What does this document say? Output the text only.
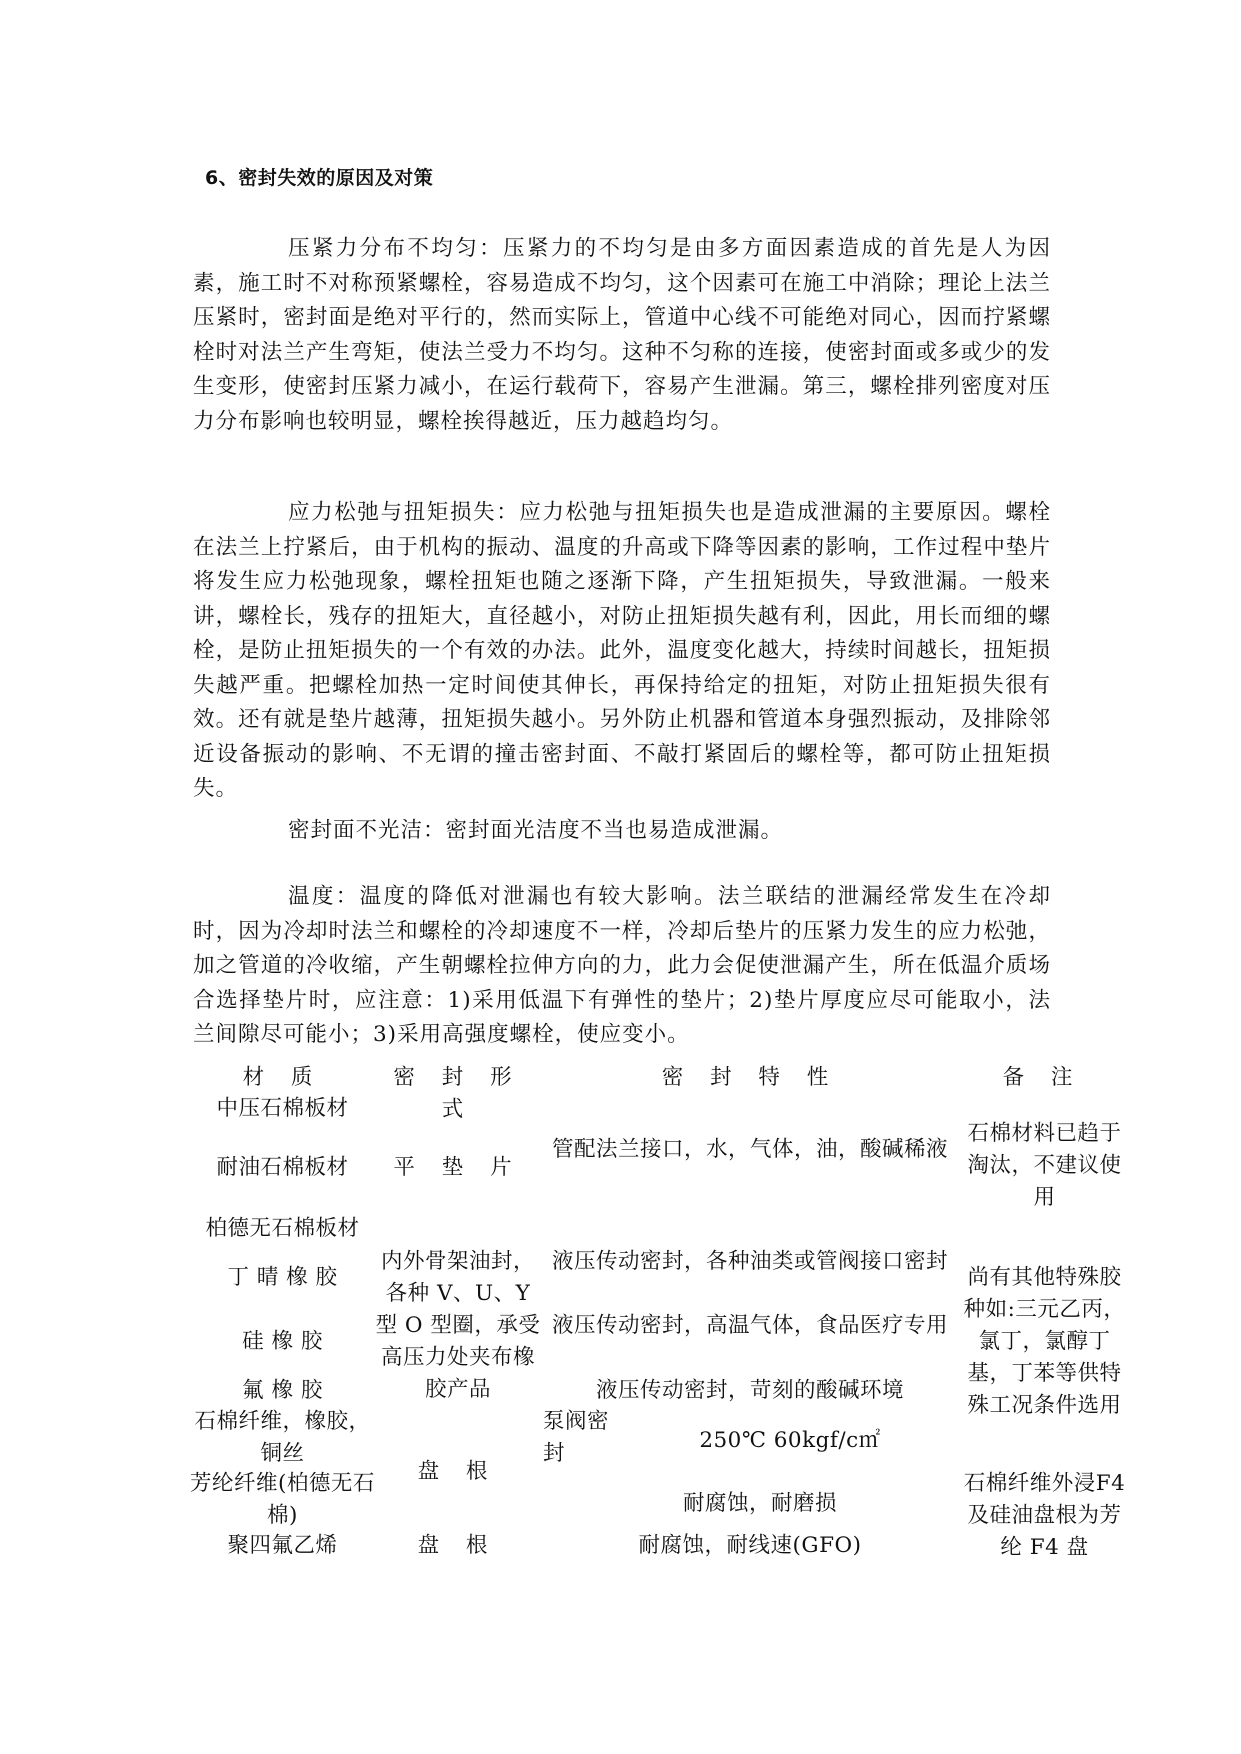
6、密封失效的原因及对策

压紧力分布不均匀：压紧力的不均匀是由多方面因素造成的首先是人为因素，施工时不对称预紧螺栓，容易造成不均匀，这个因素可在施工中消除；理论上法兰压紧时，密封面是绝对平行的，然而实际上，管道中心线不可能绝对同心，因而拧紧螺栓时对法兰产生弯矩，使法兰受力不均匀。这种不匀称的连接，使密封面或多或少的发生变形，使密封压紧力减小，在运行载荷下，容易产生泄漏。第三，螺栓排列密度对压力分布影响也较明显，螺栓挨得越近，压力越趋均匀。

应力松弛与扭矩损失：应力松弛与扭矩损失也是造成泄漏的主要原因。螺栓在法兰上拧紧后，由于机构的振动、温度的升高或下降等因素的影响，工作过程中垫片将发生应力松弛现象，螺栓扭矩也随之逐渐下降，产生扭矩损失，导致泄漏。一般来讲，螺栓长，残存的扭矩大，直径越小，对防止扭矩损失越有利，因此，用长而细的螺栓，是防止扭矩损失的一个有效的办法。此外，温度变化越大，持续时间越长，扭矩损失越严重。把螺栓加热一定时间使其伸长，再保持给定的扭矩，对防止扭矩损失很有效。还有就是垫片越薄，扭矩损失越小。另外防止机器和管道本身强烈振动，及排除邻近设备振动的影响、不无谓的撞击密封面、不敲打紧固后的螺栓等，都可防止扭矩损失。

密封面不光洁：密封面光洁度不当也易造成泄漏。

温度：温度的降低对泄漏也有较大影响。法兰联结的泄漏经常发生在冷却时，因为冷却时法兰和螺栓的冷却速度不一样，冷却后垫片的压紧力发生的应力松弛，加之管道的冷收缩，产生朝螺栓拉伸方向的力，此力会促使泄漏产生，所在低温介质场合选择垫片时，应注意：1)采用低温下有弹性的垫片；2)垫片厚度应尽可能取小，法兰间隙尽可能小；3)采用高强度螺栓，使应变小。

材 质	密 封 形 式
密 封 特 性	备 注
中压石棉板材
耐油石棉板材
柏德无石棉板材
丁 晴 橡 胶
硅 橡 胶
氟 橡 胶
石棉纤维，橡胶，铜丝
芳纶纤维(柏德无石棉)
聚四氟乙烯
平 垫 片
内外骨架油封，各种 V、U、Y 型 O 型圈，承受高压力处夹布橡胶产品
盘 根
盘 根
管配法兰接口，水，气体，油，酸碱稀液
液压传动密封，各种油类或管阀接口密封
液压传动密封，高温气体，食品医疗专用
液压传动密封，苛刻的酸碱环境
泵阀密封
250℃ 60kgf/c㎡
耐腐蚀，耐磨损
耐腐蚀，耐线速(GFO)
石棉材料已趋于淘汰，不建议使用
尚有其他特殊胶种如:三元乙丙，氯丁，氯醇丁基，丁苯等供特殊工况条件选用
石棉纤维外浸F4 及硅油盘根为芳纶 F4 盘
